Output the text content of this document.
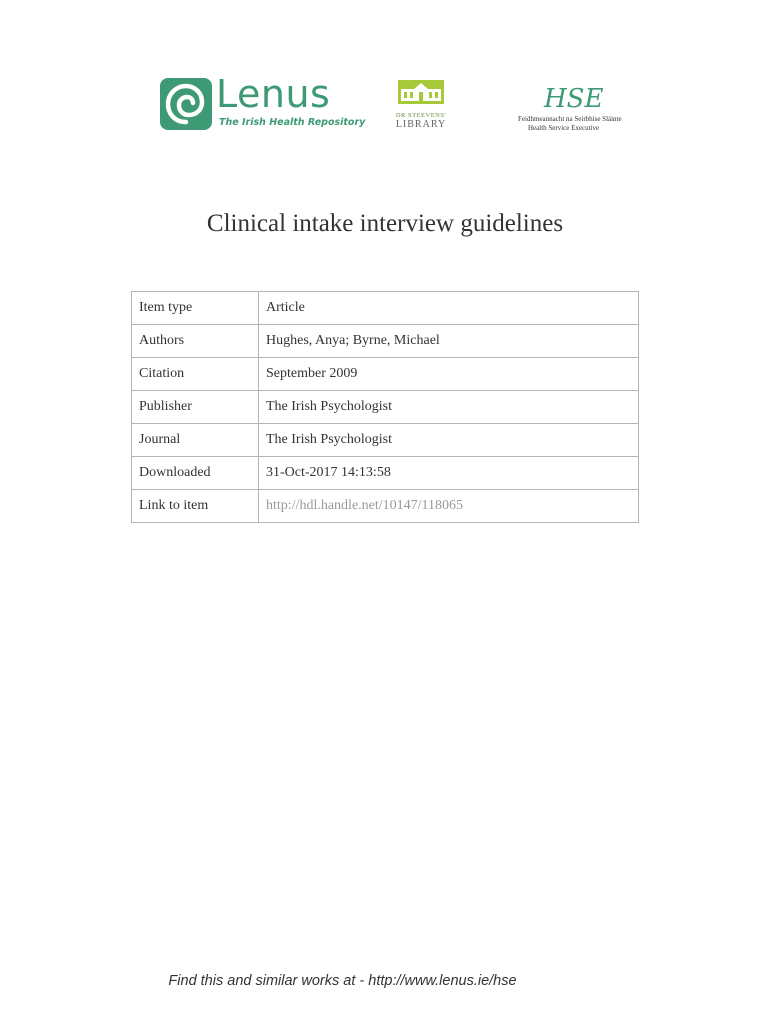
Lenus
The Irish Health Repository
DR STEEVENS'
LIBRARY
HSE
Feidhmeannacht na Seirbhíse Sláinte
Health Service Executive
Clinical intake interview guidelines
Item type	Article
Authors	Hughes, Anya; Byrne, Michael
Citation	September 2009
Publisher	The Irish Psychologist
Journal	The Irish Psychologist
Downloaded	31-Oct-2017 14:13:58
Link to item	http://hdl.handle.net/10147/118065
Find this and similar works at - http://www.lenus.ie/hse
